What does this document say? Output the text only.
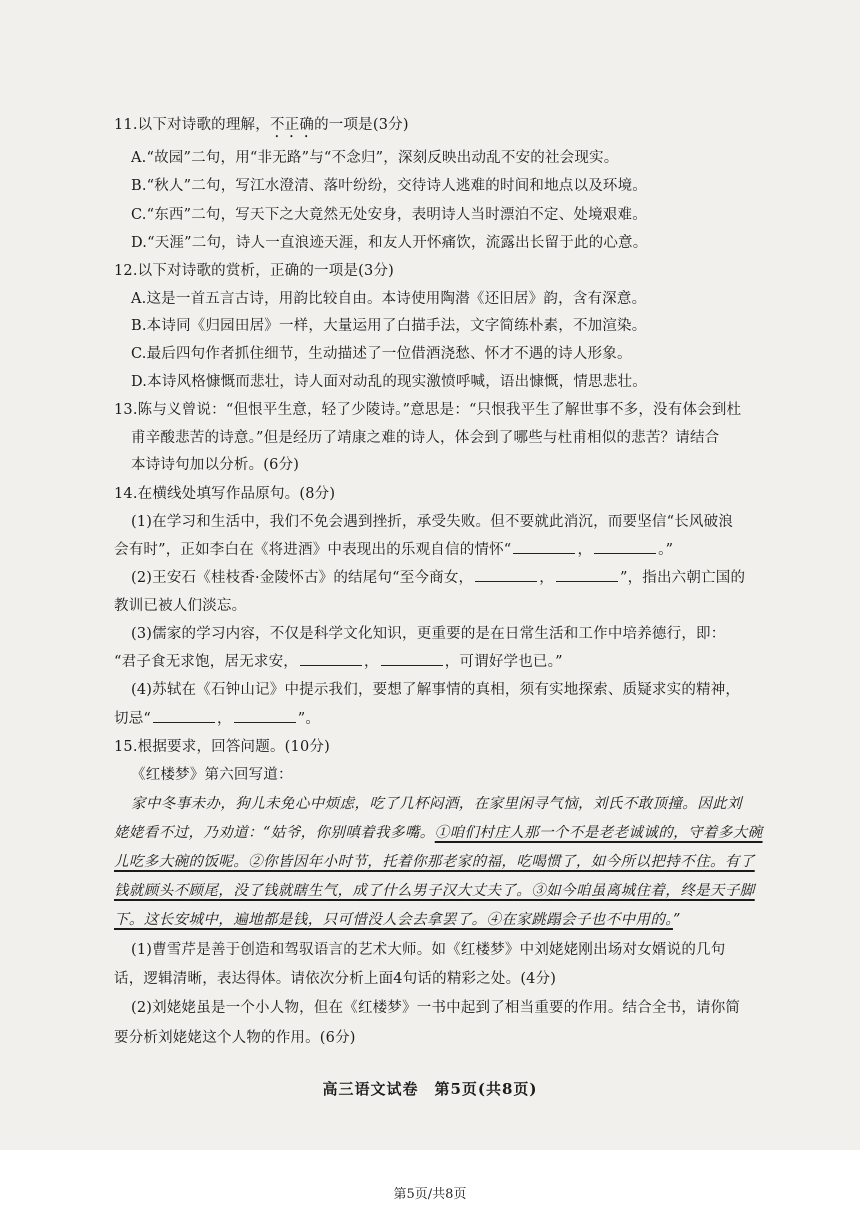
11.以下对诗歌的理解，不正确的一项是(3分)
A.“故园”二句，用“非无路”与“不念归”，深刻反映出动乱不安的社会现实。
B.“秋人”二句，写江水澄清、落叶纷纷，交待诗人逃难的时间和地点以及环境。
C.“东西”二句，写天下之大竟然无处安身，表明诗人当时漂泊不定、处境艰难。
D.“天涯”二句，诗人一直浪迹天涯，和友人开怀痛饮，流露出长留于此的心意。
12.以下对诗歌的赏析，正确的一项是(3分)
A.这是一首五言古诗，用韵比较自由。本诗使用陶潜《还旧居》韵，含有深意。
B.本诗同《归园田居》一样，大量运用了白描手法，文字简练朴素，不加渲染。
C.最后四句作者抓住细节，生动描述了一位借酒浇愁、怀才不遇的诗人形象。
D.本诗风格慷慨而悲壮，诗人面对动乱的现实激愤呼喊，语出慷慨，情思悲壮。
13.陈与义曾说：“但恨平生意，轻了少陵诗。”意思是：“只恨我平生了解世事不多，没有体会到杜
甫辛酸悲苦的诗意。”但是经历了靖康之难的诗人，体会到了哪些与杜甫相似的悲苦？请结合
本诗诗句加以分析。(6分)
14.在横线处填写作品原句。(8分)
(1)在学习和生活中，我们不免会遇到挫折，承受失败。但不要就此消沉，而要坚信“长风破浪
会有时”，正如李白在《将进酒》中表现出的乐观自信的情怀“	，	。”
(2)王安石《桂枝香·金陵怀古》的结尾句“至今商女，	，	”，指出六朝亡国的
教训已被人们淡忘。
(3)儒家的学习内容，不仅是科学文化知识，更重要的是在日常生活和工作中培养德行，即：
“君子食无求饱，居无求安，	，	，可谓好学也已。”
(4)苏轼在《石钟山记》中提示我们，要想了解事情的真相，须有实地探索、质疑求实的精神，
切忌“	，	”。
15.根据要求，回答问题。(10分)
《红楼梦》第六回写道：
家中冬事未办，狗儿未免心中烦虑，吃了几杯闷酒，在家里闲寻气恼，刘氏不敢顶撞。因此刘
姥姥看不过，乃劝道：“姑爷，你别嗔着我多嘴。①咱们村庄人那一个不是老老诚诚的，守着多大碗
儿吃多大碗的饭呢。②你皆因年小时节，托着你那老家的福，吃喝惯了，如今所以把持不住。有了
钱就顾头不顾尾，没了钱就瞎生气，成了什么男子汉大丈夫了。③如今咱虽离城住着，终是天子脚
下。这长安城中，遍地都是钱，只可惜没人会去拿罢了。④在家跳蹋会子也不中用的。”
(1)曹雪芹是善于创造和驾驭语言的艺术大师。如《红楼梦》中刘姥姥刚出场对女婿说的几句
话，逻辑清晰，表达得体。请依次分析上面4句话的精彩之处。(4分)
(2)刘姥姥虽是一个小人物，但在《红楼梦》一书中起到了相当重要的作用。结合全书，请你简
要分析刘姥姥这个人物的作用。(6分)
高三语文试卷　第5页(共8页)
第5页/共8页
